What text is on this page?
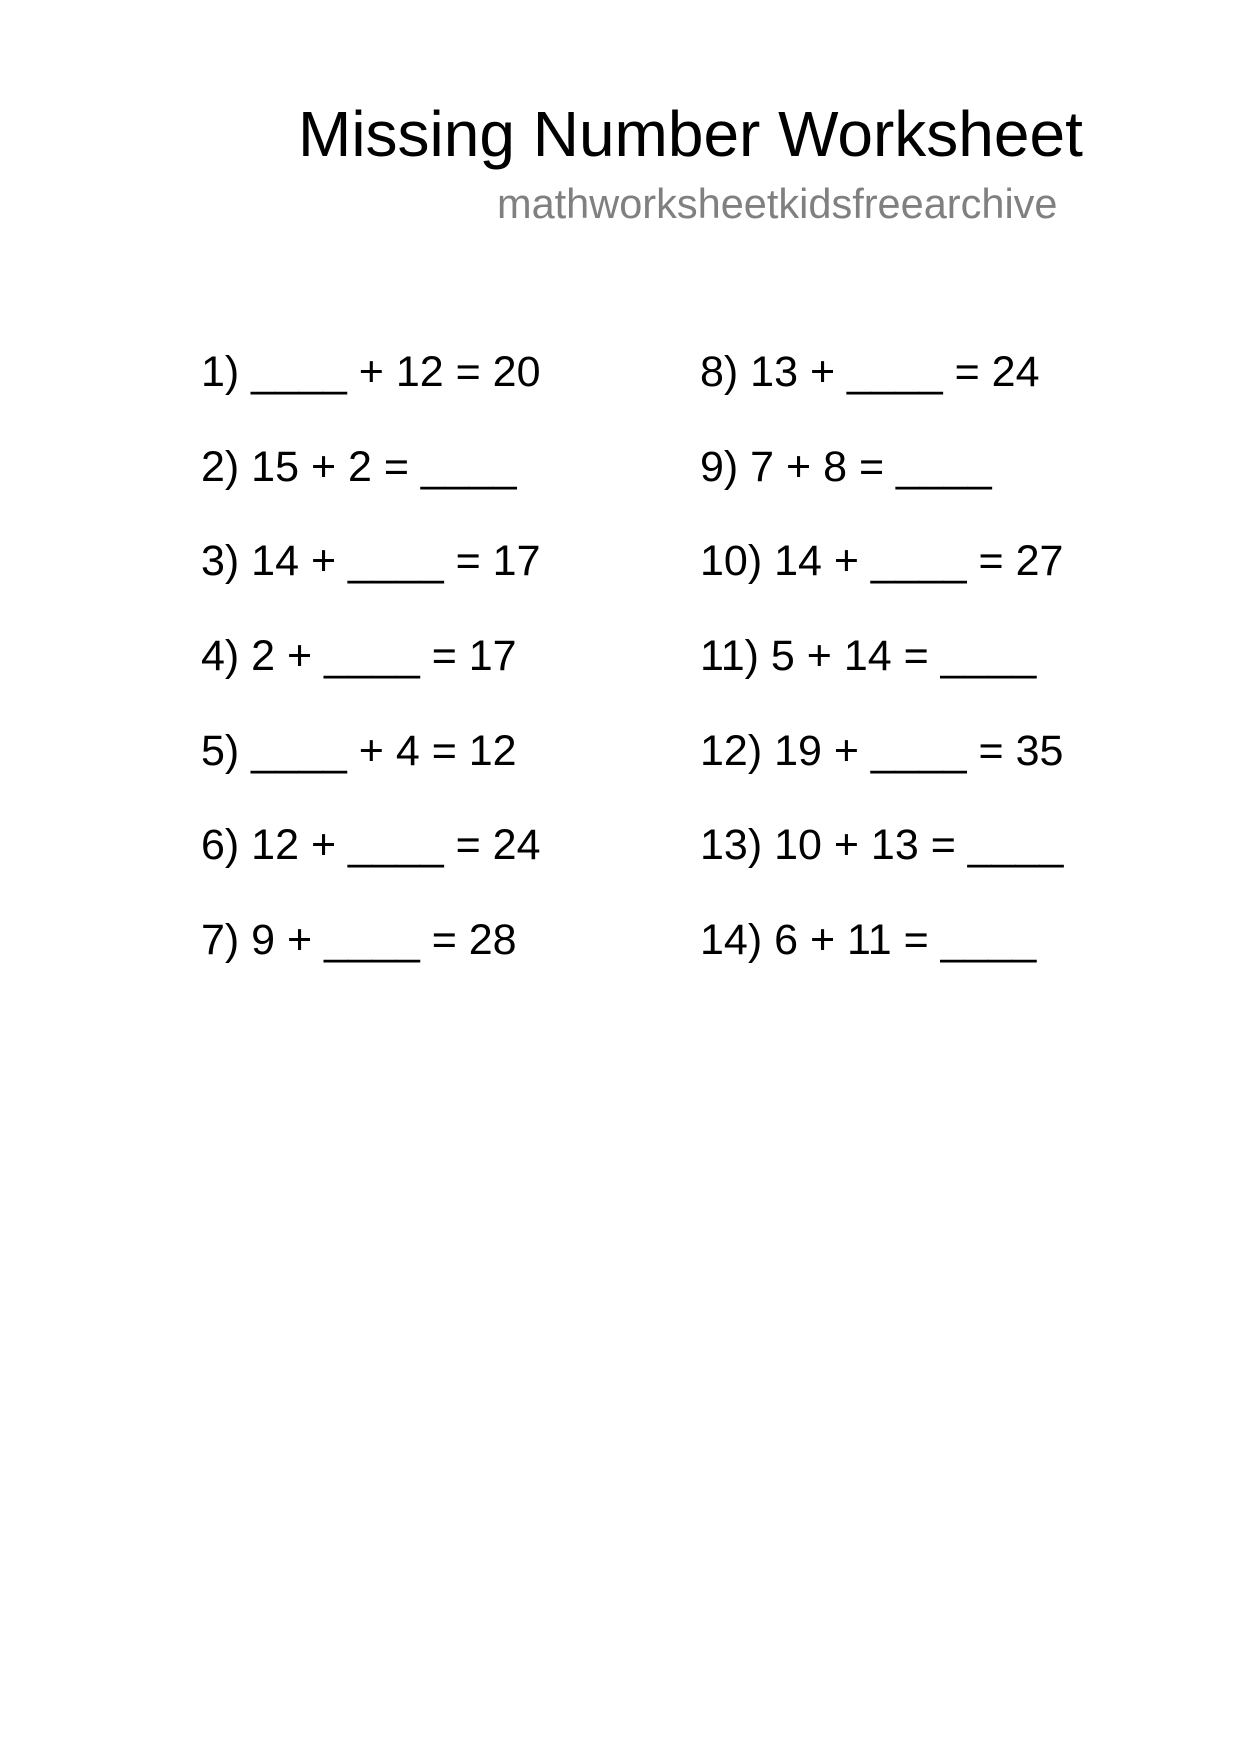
Missing Number Worksheet
mathworksheetkidsfreearchive
1) ____ + 12 = 20
2) 15 + 2 = ____
3) 14 + ____ = 17
4) 2 + ____ = 17
5) ____ + 4 = 12
6) 12 + ____ = 24
7) 9 + ____ = 28
8) 13 + ____ = 24
9) 7 + 8 = ____
10) 14 + ____ = 27
11) 5 + 14 = ____
12) 19 + ____ = 35
13) 10 + 13 = ____
14) 6 + 11 = ____
